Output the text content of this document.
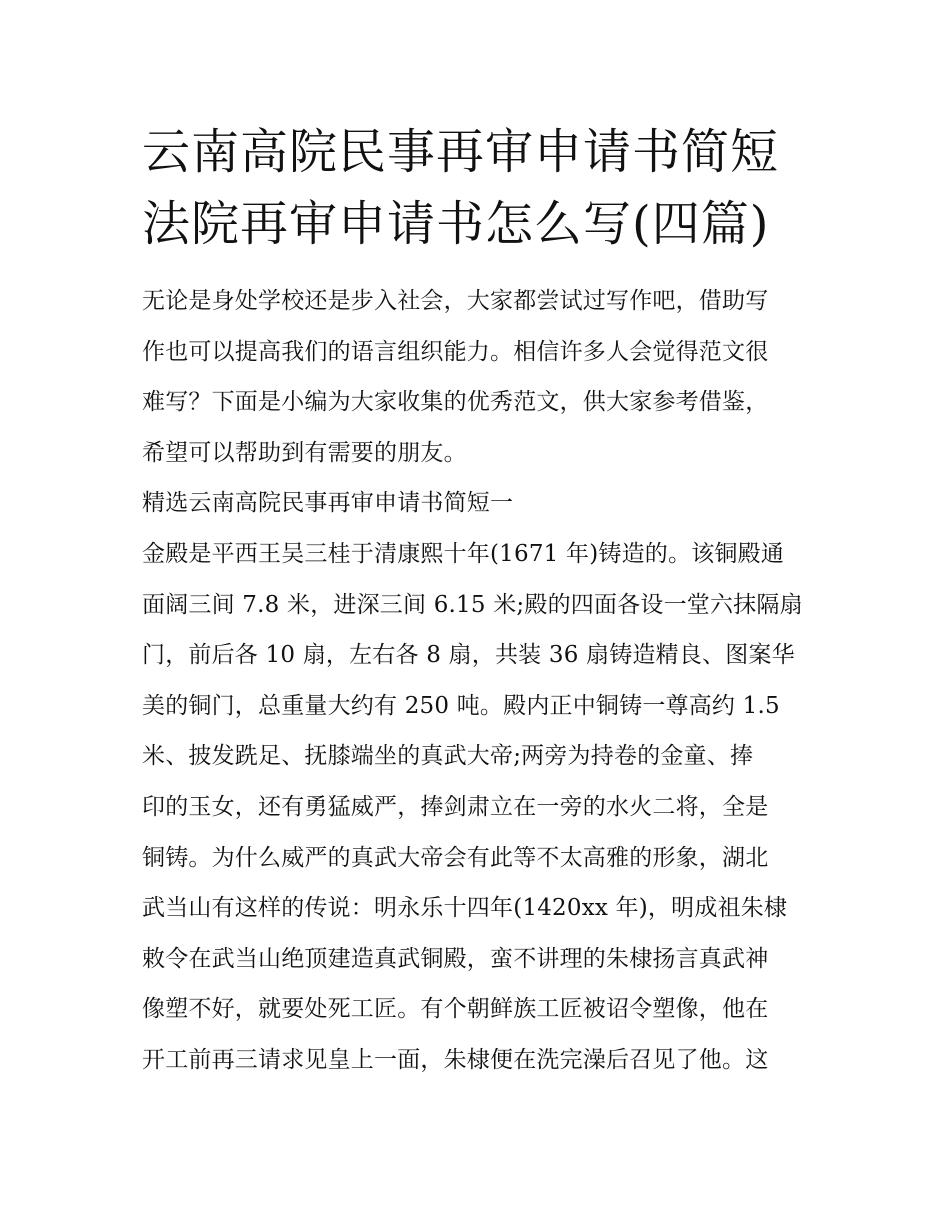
云南高院民事再审申请书简短
法院再审申请书怎么写(四篇)

无论是身处学校还是步入社会，大家都尝试过写作吧，借助写
作也可以提高我们的语言组织能力。相信许多人会觉得范文很
难写？下面是小编为大家收集的优秀范文，供大家参考借鉴，
希望可以帮助到有需要的朋友。

精选云南高院民事再审申请书简短一

金殿是平西王吴三桂于清康熙十年(1671 年)铸造的。该铜殿通
面阔三间 7.8 米，进深三间 6.15 米;殿的四面各设一堂六抹隔扇
门，前后各 10 扇，左右各 8 扇，共装 36 扇铸造精良、图案华
美的铜门，总重量大约有 250 吨。殿内正中铜铸一尊高约 1.5
米、披发跣足、抚膝端坐的真武大帝;两旁为持卷的金童、捧
印的玉女，还有勇猛威严，捧剑肃立在一旁的水火二将，全是
铜铸。为什么威严的真武大帝会有此等不太高雅的形象，湖北
武当山有这样的传说：明永乐十四年(1420xx 年)，明成祖朱棣
敕令在武当山绝顶建造真武铜殿，蛮不讲理的朱棣扬言真武神
像塑不好，就要处死工匠。有个朝鲜族工匠被诏令塑像，他在
开工前再三请求见皇上一面，朱棣便在洗完澡后召见了他。这
